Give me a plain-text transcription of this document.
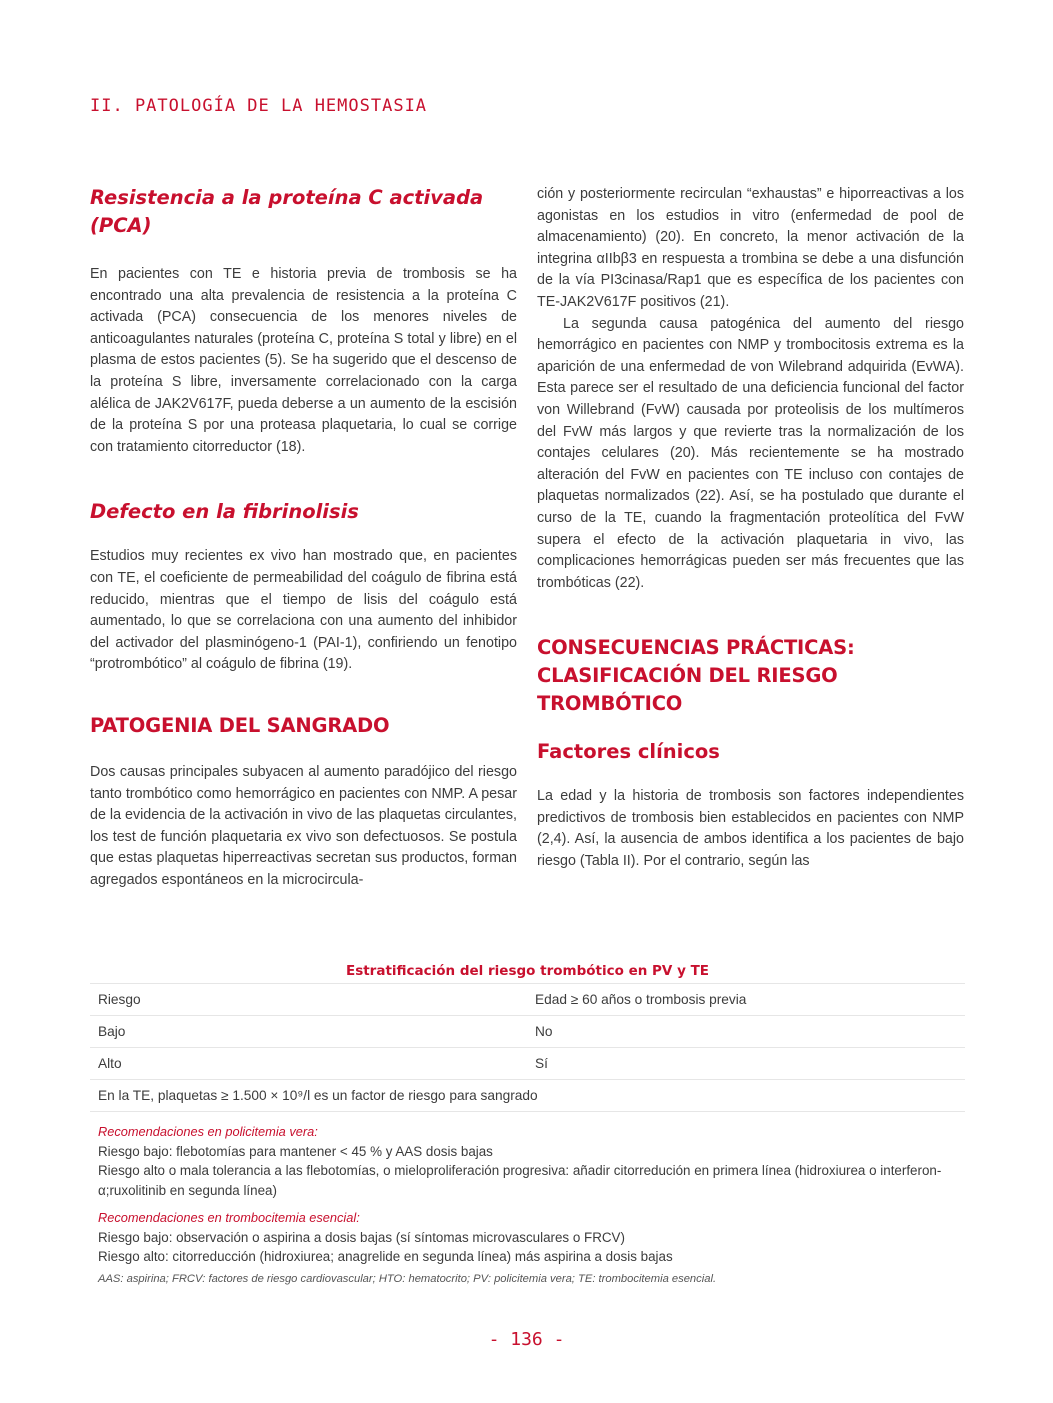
II. PATOLOGÍA DE LA HEMOSTASIA
Resistencia a la proteína C activada (PCA)

En pacientes con TE e historia previa de trombosis se ha encontrado una alta prevalencia de resistencia a la proteína C activada (PCA) consecuencia de los menores niveles de anticoagulantes naturales (proteína C, proteína S total y libre) en el plasma de estos pacientes (5). Se ha sugerido que el descenso de la proteína S libre, inversamente correlacionado con la carga alélica de JAK2V617F, pueda deberse a un aumento de la escisión de la proteína S por una proteasa plaquetaria, lo cual se corrige con tratamiento citorreductor (18).

Defecto en la fibrinolisis

Estudios muy recientes ex vivo han mostrado que, en pacientes con TE, el coeficiente de permeabilidad del coágulo de fibrina está reducido, mientras que el tiempo de lisis del coágulo está aumentado, lo que se correlaciona con una aumento del inhibidor del activador del plasminógeno-1 (PAI-1), confiriendo un fenotipo “protrombótico” al coágulo de fibrina (19).

PATOGENIA DEL SANGRADO

Dos causas principales subyacen al aumento paradójico del riesgo tanto trombótico como hemorrágico en pacientes con NMP. A pesar de la evidencia de la activación in vivo de las plaquetas circulantes, los test de función plaquetaria ex vivo son defectuosos. Se postula que estas plaquetas hiperreactivas secretan sus productos, forman agregados espontáneos en la microcircula-

ción y posteriormente recirculan “exhaustas” e hiporreactivas a los agonistas en los estudios in vitro (enfermedad de pool de almacenamiento) (20). En concreto, la menor activación de la integrina αIIbβ3 en respuesta a trombina se debe a una disfunción de la vía PI3cinasa/Rap1 que es específica de los pacientes con TE-JAK2V617F positivos (21).

La segunda causa patogénica del aumento del riesgo hemorrágico en pacientes con NMP y trombocitosis extrema es la aparición de una enfermedad de von Wilebrand adquirida (EvWA). Esta parece ser el resultado de una deficiencia funcional del factor von Willebrand (FvW) causada por proteolisis de los multímeros del FvW más largos y que revierte tras la normalización de los contajes celulares (20). Más recientemente se ha mostrado alteración del FvW en pacientes con TE incluso con contajes de plaquetas normalizados (22). Así, se ha postulado que durante el curso de la TE, cuando la fragmentación proteolítica del FvW supera el efecto de la activación plaquetaria in vivo, las complicaciones hemorrágicas pueden ser más frecuentes que las trombóticas (22).

CONSECUENCIAS PRÁCTICAS:
CLASIFICACIÓN DEL RIESGO TROMBÓTICO
Factores clínicos

La edad y la historia de trombosis son factores independientes predictivos de trombosis bien establecidos en pacientes con NMP (2,4). Así, la ausencia de ambos identifica a los pacientes de bajo riesgo (Tabla II). Por el contrario, según las

Estratificación del riesgo trombótico en PV y TE
Riesgo	Edad ≥ 60 años o trombosis previa
Bajo	No
Alto	Sí
En la TE, plaquetas ≥ 1.500 × 10⁹/l es un factor de riesgo para sangrado
Recomendaciones en policitemia vera:
Riesgo bajo: flebotomías para mantener < 45 % y AAS dosis bajas
Riesgo alto o mala tolerancia a las flebotomías, o mieloproliferación progresiva: añadir citorredución en primera línea (hidroxiurea o interferon-α;ruxolitinib en segunda línea)
Recomendaciones en trombocitemia esencial:
Riesgo bajo: observación o aspirina a dosis bajas (sí síntomas microvasculares o FRCV)
Riesgo alto: citorreducción (hidroxiurea; anagrelide en segunda línea) más aspirina a dosis bajas
AAS: aspirina; FRCV: factores de riesgo cardiovascular; HTO: hematocrito; PV: policitemia vera; TE: trombocitemia esencial.
- 136 -
